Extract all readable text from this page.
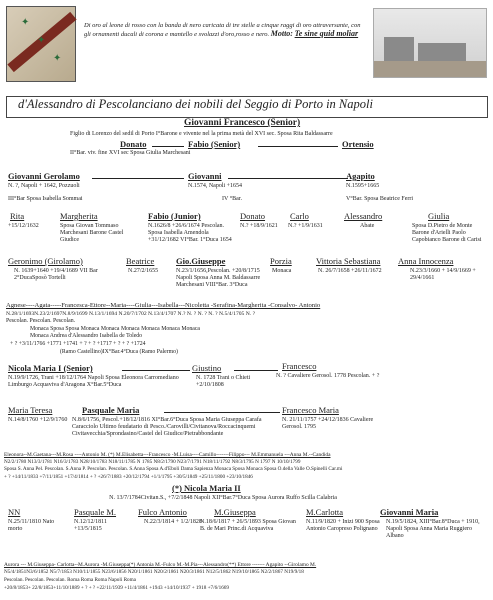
✦
✦
✦
Di oro al leone di rosso con la banda di nero caricata di tre stelle a cinque raggi di oro attraversante, con gli ornamenti ducali di corona e mantello e svolazzi d'oro,rosso e nero. Motto: Te sine quid moliar
d'Alessandro di Pescolanciano dei nobili del Seggio di Porto in Napoli
Giovanni Francesco (Senior)
Figlio di Lorenzo del sedil di Porto I°Barone e vivente nel la prima metà del XVI sec. Sposa Rita Baldassarre
Donato	Fabio (Senior)	Ortensio
II°Bar. viv. fine XVI sec Sposa Giulia Marchesani
Giovanni Gerolamo
N. ?, Napoli + 1642, Pozzuoli
III°Bar Sposa Isabella Sommai
Giovanni
N.1574, Napoli +1654
IV °Bar.
Agapito
N.1595+1665
V°Bar. Sposa Beatrice Ferri
Rita
+15/12/1632
Margherita
Sposa Giovan Tommaso Marchesani Barone Castel Giudice
Fabio (Junior)
N.1626/8 +26/6/1674 Pescolan. Sposa Isabella Amendola +31/12/1682 VI°Bar. 1°Duca 1654
Donato
N.? +18/9/1621
Carlo
N.? +1/9/1631
Alessandro
Abate
Giulia
Sposa D.Pietro de Monte Barone d'Arielli Paolo Capobianco Barone di Carisi
Geronimo (Girolamo)
N. 1639+1640 +19/4/1689 VII Bar 2°DucaSposò Tortelli
Beatrice
N.27/2/1655
Gio.Giuseppe
N.23/1/1656,Pescolan. +20/8/1715 Napoli Sposa Anna M. Baldassarre Marchesani VIII°Bar. 3°Duca
Porzia
Monaca
Vittoria Sebastiana
N. 26/7/1658 +26/11/1672
Anna Innocenza
N.23/3/1660 + 14/9/1669 + 29/4/1661
Agnese----Agata-----Francesca-Ettore--Maria----Giulia---Isabella---Nicoletta -Serafina-Margherita -Consalvo- Antonio
N.28/1/1693N.23/2/1697N.8/9/1699 N.13/1/1694 N.20/7/1702 N.13/4/1707 N.? N. ? N. ? N. ? N.5/4/1705 N. ?
Pescolan. Pescolan. Pescolan.
Monaca Sposa Sposa Monaca Monaca Monaca Monaca Monaca Monaca
Monaca Andrea d'Alessandro Isabella de Toledo
+ ? +3/11/1766 +1771 +1741 + ? + ? +1717 + ? + ? +1724
(Ramo Castellino)IX°Bar.4°Duca (Ramo Palermo)
Nicola Maria I (Senior)
N.19/9/1726, Trani +18/12/1764 Napoli Sposa Eleonora Carromediano Limburgo Acquaviva d'Aragona X°Bar.5°Duca
Giustino
N. 1728 Trani o Chieti +2/10/1808
Francesco
N. ? Cavaliere Gerosol. 1778 Pescolan. + ?
Maria Teresa
N.14/8/1760 +12/9/1760
Pasquale Maria
N.8/6/1756, Pescol.+18/12/1816 XI°Bar.6°Duca Sposa Maria Giuseppa Carafa Caracciolo Ultimo feudatario di Pesco./Carovilli/Civitanova/Roccacinquemi Civitavecchia/Sprondasino/Castel del Giudice/Pietrabbondante
Francesco Maria
N. 21/11/1757 +24/12/1836 Cavaliere Gerosol. 1795
Eleonora--M.Gaetana---M.Rosa ----Antonio M. (*) M.Elisabetta---Francesco -M.Luisa----Camillo-------Filippo--- M.Emmanuela ---Anna M.--Candida
N2/2/1780 N13/3/1781 N16/3/1783 N28/10/1783 N18/11/1785 N 1785 N8/2/1790 N23/7/1791 N18/11/1792 N8/3/1795 N 1797 N 10/10/1799
Sposa S. Anna Pel. Pescolan. S.Anna P. Pescolan. Pescolan. S.Anna Sposa A.d'Eboli Dama Sapienza Monaca Sposa Monaca Sposa O.della Valle O.Spinelli Car.mi
+ ? +14/11/1833 +7/11/1851 +17/4/1814 + ? +26/7/1883 +20/12/1794 +1/1/1795 +30/5/1849 +25/11/1800 +23/10/1846
(*) Nicola Maria II
N. 13/7/1784Civitan.S., +7/2/1848 Napoli XII°Bar.7°Duca Sposa Aurora Ruffo Scilla Calabria
NN
N.25/11/1810 Nato morto
Pasquale M.
N.12/12/1811 +13/5/1815
Fulco Antonio
N.22/3/1814 + 1/2/1828
M.Giuseppa
N.18/6/1817 + 26/5/1893 Sposa Giovan B. de Mari Princ.di Acquaviva
M.Carlotta
N.11/9/1820 + Inizi 900 Sposa Antonio Caropreso Polignano
Giovanni Maria
N.19/5/1824, XIII°Bar.8°Duca + 1910, Napoli Sposa Anna Maria Ruggiero Albano
Aurora --- M.Giuseppa- Carlotta--M.Aurora -M.Giuseppa(*) Antonia M.-Fulco M.-M.Pia---Alessandro(**) Ettore ------- Agapito --Girolamo M.
N5/4/1851N3/6/1852 N5/7/1853 N10/11/1855 N23/6/1856 N20/1/1861 N20/2/1861 N20/3/1861 N12/5/1862 N19/10/1865 N2/2/1867 N19/9/18
Pescolan. Pescolan. Pescolan. Roma Roma Roma Napoli Roma
+20/8/1853+ 22/8/1853+11/10/1889 + ? + ? +22/11/1939 +11/4/1861 +1943 +14/10/1937 + 1918 +7/6/1669
